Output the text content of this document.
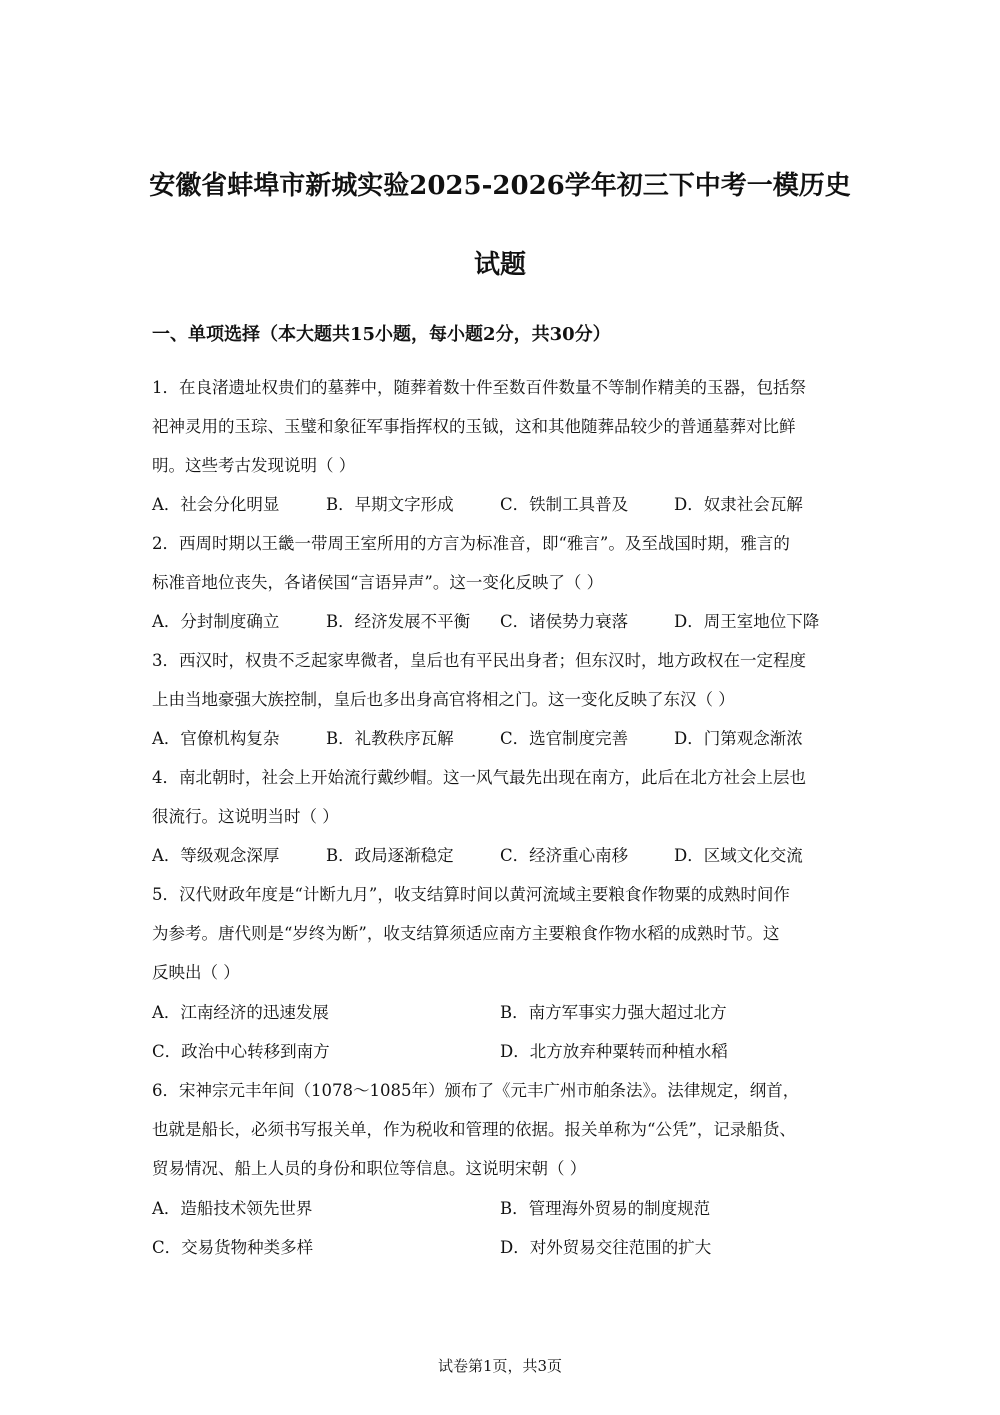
安徽省蚌埠市新城实验2025-2026学年初三下中考一模历史
试题
一、单项选择（本大题共15小题，每小题2分，共30分）
1．在良渚遗址权贵们的墓葬中，随葬着数十件至数百件数量不等制作精美的玉器，包括祭
祀神灵用的玉琮、玉璧和象征军事指挥权的玉钺，这和其他随葬品较少的普通墓葬对比鲜
明。这些考古发现说明（ ）
A．社会分化明显	B．早期文字形成	C．铁制工具普及	D．奴隶社会瓦解
2．西周时期以王畿一带周王室所用的方言为标准音，即“雅言”。及至战国时期，雅言的
标准音地位丧失，各诸侯国“言语异声”。这一变化反映了（ ）
A．分封制度确立	B．经济发展不平衡 C．诸侯势力衰落	D．周王室地位下降
3．西汉时，权贵不乏起家卑微者，皇后也有平民出身者；但东汉时，地方政权在一定程度
上由当地豪强大族控制，皇后也多出身高官将相之门。这一变化反映了东汉（ ）
A．官僚机构复杂	B．礼教秩序瓦解	C．选官制度完善	D．门第观念渐浓
4．南北朝时，社会上开始流行戴纱帽。这一风气最先出现在南方，此后在北方社会上层也
很流行。这说明当时（ ）
A．等级观念深厚	B．政局逐渐稳定	C．经济重心南移	D．区域文化交流
5．汉代财政年度是“计断九月”，收支结算时间以黄河流域主要粮食作物粟的成熟时间作
为参考。唐代则是“岁终为断”，收支结算须适应南方主要粮食作物水稻的成熟时节。这
反映出（ ）
A．江南经济的迅速发展	B．南方军事实力强大超过北方
C．政治中心转移到南方	D．北方放弃种粟转而种植水稻
6．宋神宗元丰年间（1078～1085年）颁布了《元丰广州市舶条法》。法律规定，纲首，
也就是船长，必须书写报关单，作为税收和管理的依据。报关单称为“公凭”，记录船货、
贸易情况、船上人员的身份和职位等信息。这说明宋朝（ ）
A．造船技术领先世界	B．管理海外贸易的制度规范
C．交易货物种类多样	D．对外贸易交往范围的扩大
试卷第1页，共3页
